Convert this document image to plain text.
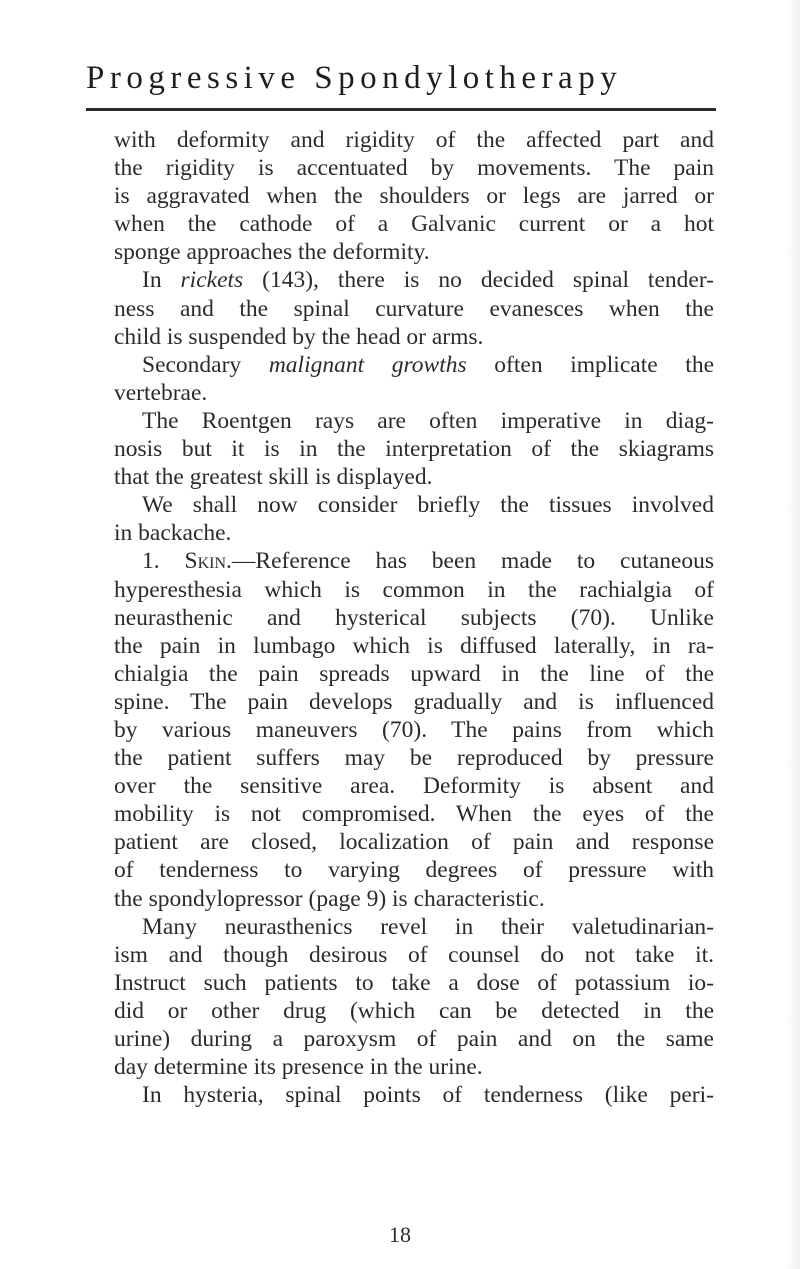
Progressive Spondylotherapy
with deformity and rigidity of the affected part and
the rigidity is accentuated by movements. The pain
is aggravated when the shoulders or legs are jarred or
when the cathode of a Galvanic current or a hot
sponge approaches the deformity.
In rickets (143), there is no decided spinal tender-
ness and the spinal curvature evanesces when the
child is suspended by the head or arms.
Secondary malignant growths often implicate the
vertebrae.
The Roentgen rays are often imperative in diag-
nosis but it is in the interpretation of the skiagrams
that the greatest skill is displayed.
We shall now consider briefly the tissues involved
in backache.
1. Skin.—Reference has been made to cutaneous
hyperesthesia which is common in the rachialgia of
neurasthenic and hysterical subjects (70). Unlike
the pain in lumbago which is diffused laterally, in ra-
chialgia the pain spreads upward in the line of the
spine. The pain develops gradually and is influenced
by various maneuvers (70). The pains from which
the patient suffers may be reproduced by pressure
over the sensitive area. Deformity is absent and
mobility is not compromised. When the eyes of the
patient are closed, localization of pain and response
of tenderness to varying degrees of pressure with
the spondylopressor (page 9) is characteristic.
Many neurasthenics revel in their valetudinarian-
ism and though desirous of counsel do not take it.
Instruct such patients to take a dose of potassium io-
did or other drug (which can be detected in the
urine) during a paroxysm of pain and on the same
day determine its presence in the urine.
In hysteria, spinal points of tenderness (like peri-
18
